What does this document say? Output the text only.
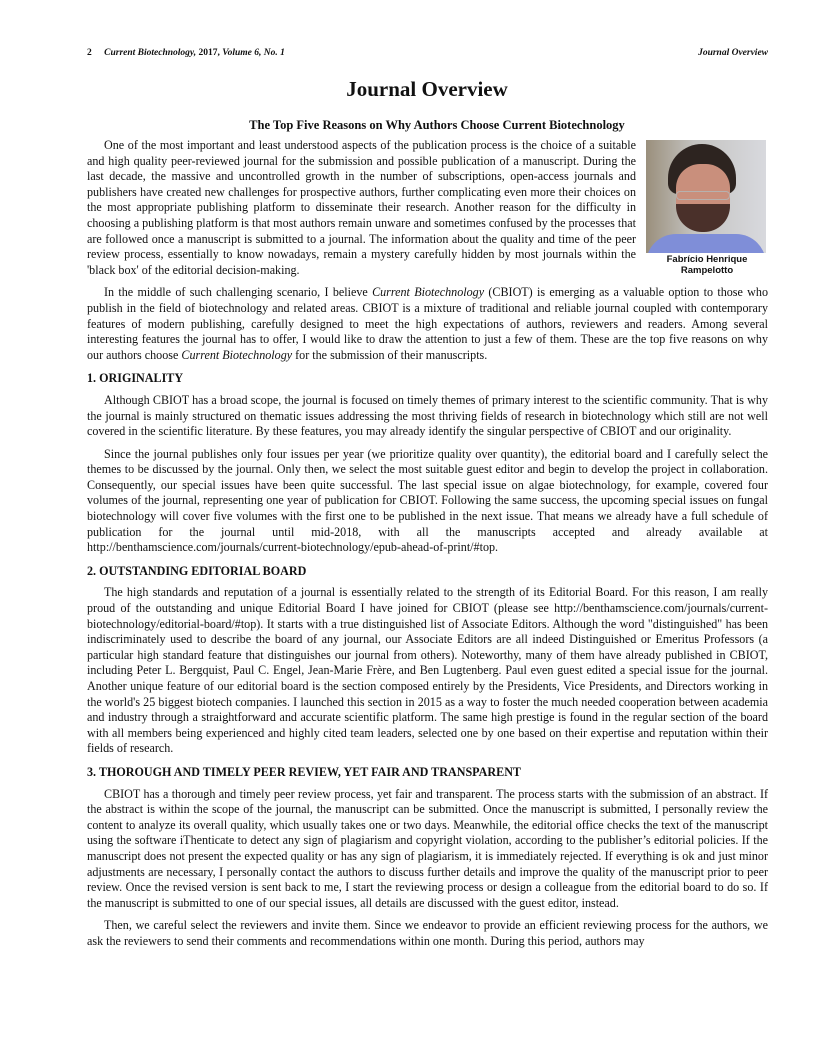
2 Current Biotechnology, 2017, Volume 6, No. 1	Journal Overview
Journal Overview
The Top Five Reasons on Why Authors Choose Current Biotechnology
Fabrício Henrique
Rampelotto

One of the most important and least understood aspects of the publication process is the choice of a suitable and high quality peer-reviewed journal for the submission and possible publication of a manuscript. During the last decade, the massive and uncontrolled growth in the number of subscriptions, open-access journals and publishers have created new challenges for prospective authors, further complicating even more their choices on the most appropriate publishing platform to disseminate their research. Another reason for the difficulty in choosing a publishing platform is that most authors remain unware and sometimes confused by the processes that are followed once a manuscript is submitted to a journal. The information about the quality and time of the peer review process, essentially to know nowadays, remain a mystery carefully hidden by most journals within the 'black box' of the editorial decision-making.

In the middle of such challenging scenario, I believe Current Biotechnology (CBIOT) is emerging as a valuable option to those who publish in the field of biotechnology and related areas. CBIOT is a mixture of traditional and reliable journal coupled with contemporary features of modern publishing, carefully designed to meet the high expectations of authors, reviewers and readers. Among several interesting features the journal has to offer, I would like to draw the attention to just a few of them. These are the top five reasons on why our authors choose Current Biotechnology for the submission of their manuscripts.

1. ORIGINALITY

Although CBIOT has a broad scope, the journal is focused on timely themes of primary interest to the scientific community. That is why the journal is mainly structured on thematic issues addressing the most thriving fields of research in biotechnology which still are not well covered in the scientific literature. By these features, you may already identify the singular perspective of CBIOT and our originality.

Since the journal publishes only four issues per year (we prioritize quality over quantity), the editorial board and I carefully select the themes to be discussed by the journal. Only then, we select the most suitable guest editor and begin to develop the project in collaboration. Consequently, our special issues have been quite successful. The last special issue on algae biotechnology, for example, covered four volumes of the journal, representing one year of publication for CBIOT. Following the same success, the upcoming special issues on fungal biotechnology will cover five volumes with the first one to be published in the next issue. That means we already have a full schedule of publication for the journal until mid-2018, with all the manuscripts accepted and already available at http://benthamscience.com/journals/current-biotechnology/epub-ahead-of-print/#top.

2. OUTSTANDING EDITORIAL BOARD

The high standards and reputation of a journal is essentially related to the strength of its Editorial Board. For this reason, I am really proud of the outstanding and unique Editorial Board I have joined for CBIOT (please see http://benthamscience.com/journals/current-biotechnology/editorial-board/#top). It starts with a true distinguished list of Associate Editors. Although the word "distinguished" has been indiscriminately used to describe the board of any journal, our Associate Editors are all indeed Distinguished or Emeritus Professors (a particular high standard feature that distinguishes our journal from others). Noteworthy, many of them have already published in CBIOT, including Peter L. Bergquist, Paul C. Engel, Jean-Marie Frère, and Ben Lugtenberg. Paul even guest edited a special issue for the journal. Another unique feature of our editorial board is the section composed entirely by the Presidents, Vice Presidents, and Directors working in the world's 25 biggest biotech companies. I launched this section in 2015 as a way to foster the much needed cooperation between academia and industry through a straightforward and accurate scientific platform. The same high prestige is found in the regular section of the board with all members being experienced and highly cited team leaders, selected one by one based on their expertise and reputation within their fields of research.

3. THOROUGH AND TIMELY PEER REVIEW, YET FAIR AND TRANSPARENT

CBIOT has a thorough and timely peer review process, yet fair and transparent. The process starts with the submission of an abstract. If the abstract is within the scope of the journal, the manuscript can be submitted. Once the manuscript is submitted, I personally review the content to analyze its overall quality, which usually takes one or two days. Meanwhile, the editorial office checks the text of the manuscript using the software iThenticate to detect any sign of plagiarism and copyright violation, according to the publisher’s editorial policies. If the manuscript does not present the expected quality or has any sign of plagiarism, it is immediately rejected. If everything is ok and just minor adjustments are necessary, I personally contact the authors to discuss further details and improve the quality of the manuscript prior to peer review. Once the revised version is sent back to me, I start the reviewing process or design a colleague from the editorial board to do so. If the manuscript is submitted to one of our special issues, all details are discussed with the guest editor, instead.

Then, we careful select the reviewers and invite them. Since we endeavor to provide an efficient reviewing process for the authors, we ask the reviewers to send their comments and recommendations within one month. During this period, authors may
